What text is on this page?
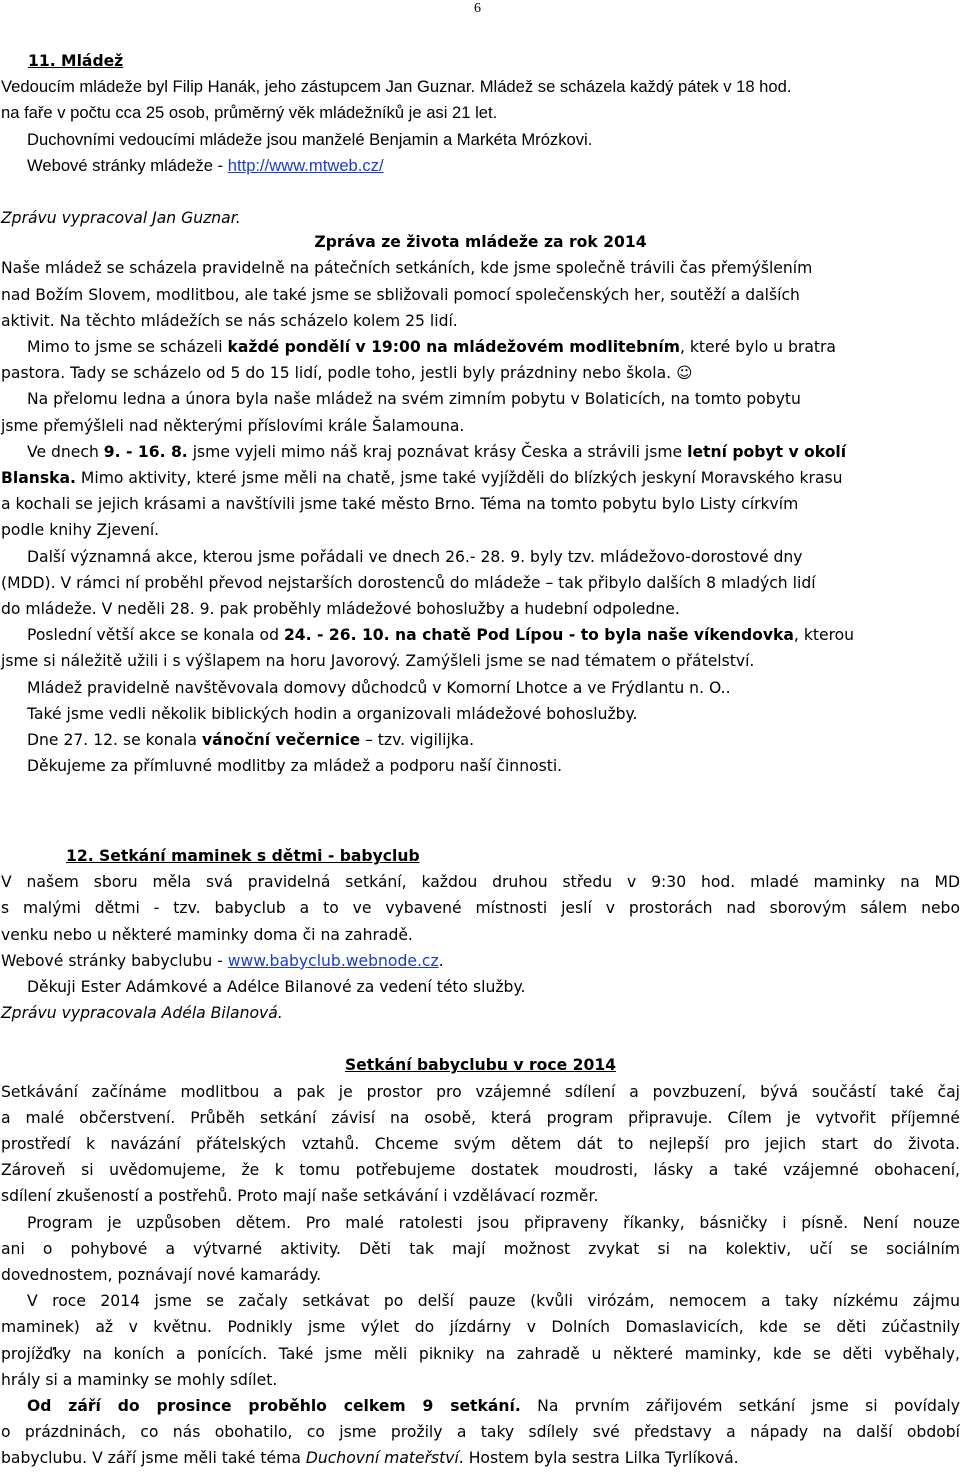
6
11. Mládež
Vedoucím mládeže byl Filip Hanák, jeho zástupcem Jan Guznar. Mládež se scházela každý pátek v 18 hod.
na faře v počtu cca 25 osob, průměrný věk mládežníků je asi 21 let.
Duchovními vedoucími mládeže jsou manželé Benjamin a Markéta Mrózkovi.
Webové stránky mládeže - http://www.mtweb.cz/
Zprávu vypracoval Jan Guznar.
Zpráva ze života mládeže za rok 2014
Naše mládež se scházela pravidelně na pátečních setkáních, kde jsme společně trávili čas přemýšlením
nad Božím Slovem, modlitbou, ale také jsme se sbližovali pomocí společenských her, soutěží a dalších
aktivit. Na těchto mládežích se nás scházelo kolem 25 lidí.
Mimo to jsme se scházeli každé pondělí v 19:00 na mládežovém modlitebním, které bylo u bratra
pastora. Tady se scházelo od 5 do 15 lidí, podle toho, jestli byly prázdniny nebo škola. ☺
Na přelomu ledna a února byla naše mládež na svém zimním pobytu v Bolaticích, na tomto pobytu
jsme přemýšleli nad některými příslovími krále Šalamouna.
Ve dnech 9. - 16. 8. jsme vyjeli mimo náš kraj poznávat krásy Česka a strávili jsme letní pobyt v okolí
Blanska. Mimo aktivity, které jsme měli na chatě, jsme také vyjížděli do blízkých jeskyní Moravského krasu
a kochali se jejich krásami a navštívili jsme také město Brno. Téma na tomto pobytu bylo Listy církvím
podle knihy Zjevení.
Další významná akce, kterou jsme pořádali ve dnech 26.- 28. 9. byly tzv. mládežovo-dorostové dny
(MDD). V rámci ní proběhl převod nejstarších dorostenců do mládeže – tak přibylo dalších 8 mladých lidí
do mládeže. V neděli 28. 9. pak proběhly mládežové bohoslužby a hudební odpoledne.
Poslední větší akce se konala od 24. - 26. 10. na chatě Pod Lípou - to byla naše víkendovka, kterou
jsme si náležitě užili i s výšlapem na horu Javorový. Zamýšleli jsme se nad tématem o přátelství.
Mládež pravidelně navštěvovala domovy důchodců v Komorní Lhotce a ve Frýdlantu n. O..
Také jsme vedli několik biblických hodin a organizovali mládežové bohoslužby.
Dne 27. 12. se konala vánoční večernice – tzv. vigilijka.
Děkujeme za přímluvné modlitby za mládež a podporu naší činnosti.
12. Setkání maminek s dětmi - babyclub
V našem sboru měla svá pravidelná setkání, každou druhou středu v 9:30 hod. mladé maminky na MD
s malými dětmi - tzv. babyclub a to ve vybavené místnosti jeslí v prostorách nad sborovým sálem nebo
venku nebo u některé maminky doma či na zahradě.
Webové stránky babyclubu - www.babyclub.webnode.cz.
Děkuji Ester Adámkové a Adélce Bilanové za vedení této služby.
Zprávu vypracovala Adéla Bilanová.
Setkání babyclubu v roce 2014
Setkávání začínáme modlitbou a pak je prostor pro vzájemné sdílení a povzbuzení, bývá součástí také čaj
a malé občerstvení. Průběh setkání závisí na osobě, která program připravuje. Cílem je vytvořit příjemné
prostředí k navázání přátelských vztahů. Chceme svým dětem dát to nejlepší pro jejich start do života.
Zároveň si uvědomujeme, že k tomu potřebujeme dostatek moudrosti, lásky a také vzájemné obohacení,
sdílení zkušeností a postřehů. Proto mají naše setkávání i vzdělávací rozměr.
Program je uzpůsoben dětem. Pro malé ratolesti jsou připraveny říkanky, básničky i písně. Není nouze
ani o pohybové a výtvarné aktivity. Děti tak mají možnost zvykat si na kolektiv, učí se sociálním
dovednostem, poznávají nové kamarády.
V roce 2014 jsme se začaly setkávat po delší pauze (kvůli virózám, nemocem a taky nízkému zájmu
maminek) až v květnu. Podnikly jsme výlet do jízdárny v Dolních Domaslavicích, kde se děti zúčastnily
projížďky na koních a ponících. Také jsme měli pikniky na zahradě u některé maminky, kde se děti vyběhaly,
hrály si a maminky se mohly sdílet.
Od září do prosince proběhlo celkem 9 setkání. Na prvním zářijovém setkání jsme si povídaly
o prázdninách, co nás obohatilo, co jsme prožily a taky sdílely své představy a nápady na další období
babyclubu. V září jsme měli také téma Duchovní mateřství. Hostem byla sestra Lilka Tyrlíková.
